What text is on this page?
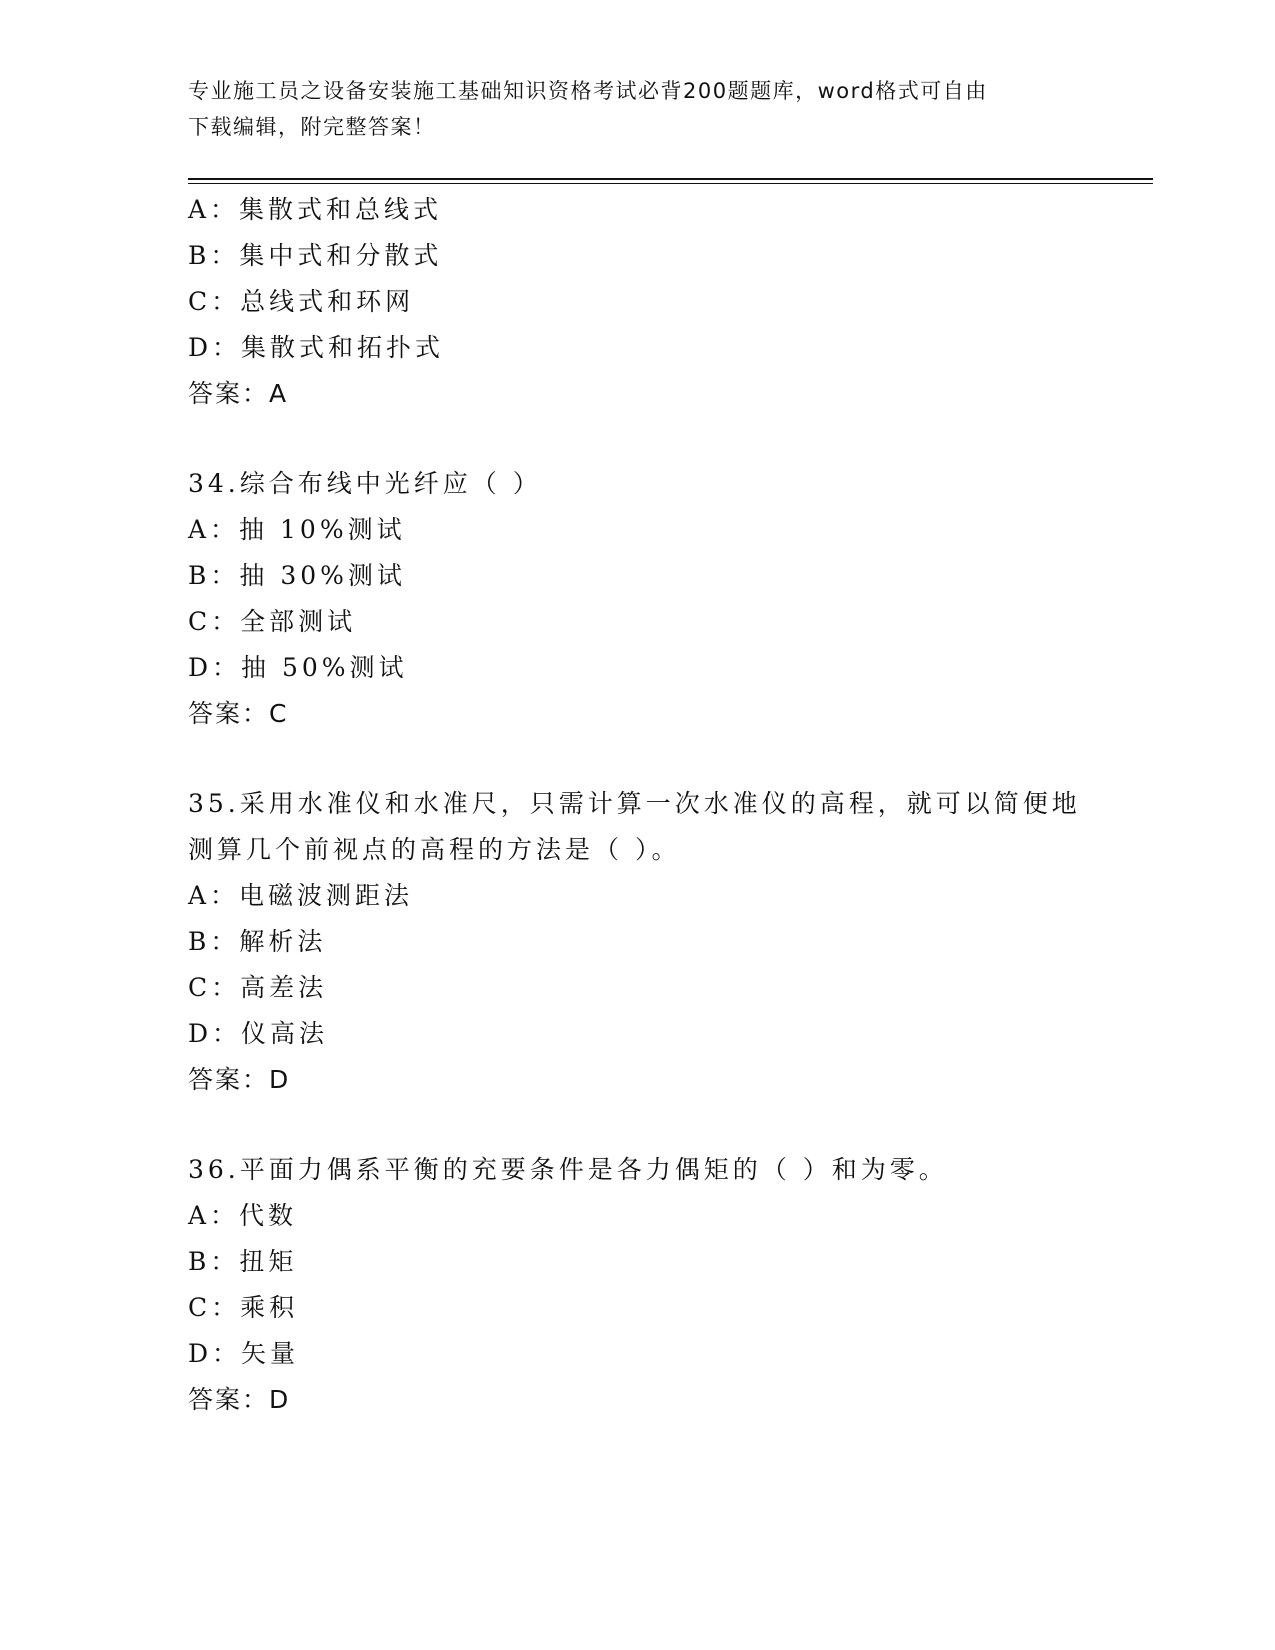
专业施工员之设备安装施工基础知识资格考试必背200题题库，word格式可自由
下载编辑，附完整答案！
A：集散式和总线式
B：集中式和分散式
C：总线式和环网
D：集散式和拓扑式
答案：A
34.综合布线中光纤应（ ）
A：抽 10%测试
B：抽 30%测试
C：全部测试
D：抽 50%测试
答案：C
35.采用水准仪和水准尺，只需计算一次水准仪的高程，就可以简便地
测算几个前视点的高程的方法是（ ）。
A：电磁波测距法
B：解析法
C：高差法
D：仪高法
答案：D
36.平面力偶系平衡的充要条件是各力偶矩的（ ）和为零。
A：代数
B：扭矩
C：乘积
D：矢量
答案：D
